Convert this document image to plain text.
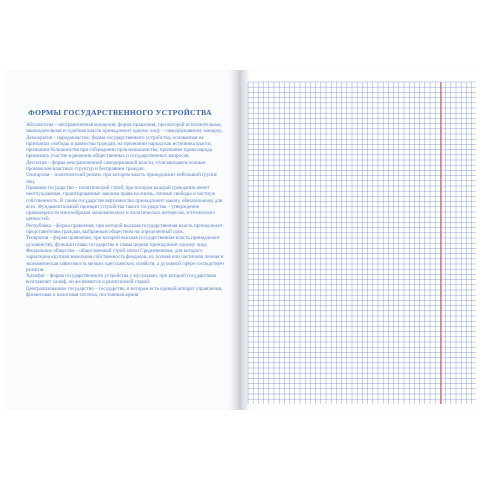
ФОРМЫ ГОСУДАРСТВЕННОГО УСТРОЙСТВА

Абсолютизм – неограниченная монархия; форма правления, при которой исполнительная, законодательная и судебная власть принадлежит одному лицу – самодержавному монарху.

Демократия – народовластие; форма государственного устройства, основанная на принципах свободы и равенства граждан, на признании народа как источника власти, признании большинства при соблюдении прав меньшинства, признание права народа принимать участие в решении общественных и государственных вопросов.

Деспотия – форма неограниченной самодержавной власти, отличающаяся полным произволом властных структур и бесправием граждан.

Олигархия – политический режим, при котором власть принадлежит небольшой группе лиц.

Правовое государство – политический строй, при котором каждый гражданин имеет неотчуждаемые, гарантированные законом права на жизнь, личные свободы и частную собственность. В таком государстве верховенство принадлежит закону, обязательному для всех. Фундаментальный принцип устройства такого государства – утверждение правомерности многообразия экономических и политических интересов, эстетических ценностей.

Республика – форма правления, при которой высшая государственная власть принадлежит представителям граждан, выбранным обществом на определенный срок.

Теократия – форма правления, при которой высшая государственная власть принадлежит духовенству, функции главы государства и главы церкви принадлежат одному лицу.

Феодальное общество – общественный строй эпохи Средневековья, для которого характерна крупная земельная собственность феодалов, их полная или частичная личная и экономическая зависимость мелких крестьянских хозяйств, а духовной сфере господствует религия.

Халифат – форма государственного устройства у мусульман, при которой государством возглавляет халиф, он же является и религиозной главой.

Централизованное государство – государство, в котором есть единый аппарат управления, финансовая и налоговая система, постоянная армия.
